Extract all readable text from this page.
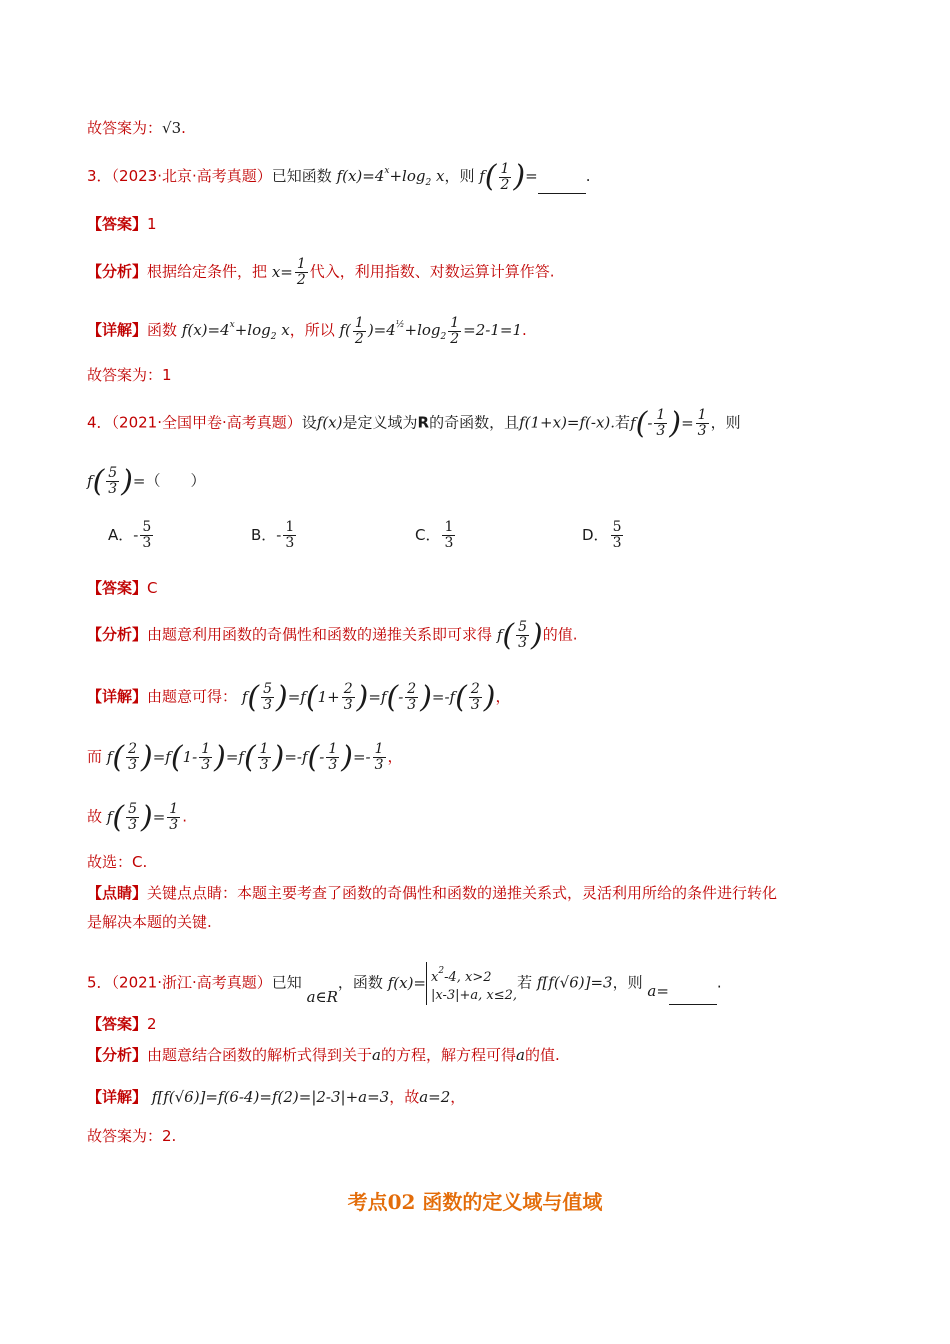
故答案为：√3.
3．（2023·北京·高考真题）已知函数 $f(x)=4^x+\log_2$ x，则 $f( \frac{1}{2}$ )=	.
【答案】1
【分析】根据给定条件，把 $x= \frac{1}{2}$ 代入，利用指数、对数运算计算作答.
【详解】函数 $f(x)=4^x+\log_2$ x，所以 $f( \frac{1}{2} )=4^{\frac{1}{2}}+\log_2 \frac{1}{2} =2-1=1$.
故答案为：1
4．（2021·全国甲卷·高考真题）设f(x)是定义域为R的奇函数，且f(1+x)=f(-x).若$f(- \frac{1}{3}$ )= $\frac{1}{3}$ ，则
$f( \frac{5}{3}$ )=（　　）
A．- $\frac{5}{3}$	B．- $\frac{1}{3}$	C． $\frac{1}{3}$	D． $\frac{5}{3}$
【答案】C
【分析】由题意利用函数的奇偶性和函数的递推关系即可求得 $f( \frac{5}{3}$ )的值.
【详解】由题意可得： $f( \frac{5}{3} )=f(1+ \frac{2}{3} )=f(- \frac{2}{3} )=-f( \frac{2}{3}$ )，
而 $f( \frac{2}{3} )=f(1- \frac{1}{3} )=f( \frac{1}{3} )=-f(- \frac{1}{3}$ )=- $\frac{1}{3}$ ，
故 $f( \frac{5}{3}$ )= $\frac{1}{3}$ .
故选：C.
【点睛】关键点点睛：本题主要考查了函数的奇偶性和函数的递推关系式，灵活利用所给的条件进行转化
是解决本题的关键.
5．（2021·浙江·高考真题）已知 a∈R，函数 $f(x)= x^2-4$, x>2
|x-3|+a, x≤2,若 f[f(√6)]=3，则 a=	.
【答案】2
【分析】由题意结合函数的解析式得到关于a的方程，解方程可得a的值.
【详解】 f[f(√6)]=f(6-4)=f(2)=|2-3|+a=3，故a=2，
故答案为：2.
考点02 函数的定义域与值域
